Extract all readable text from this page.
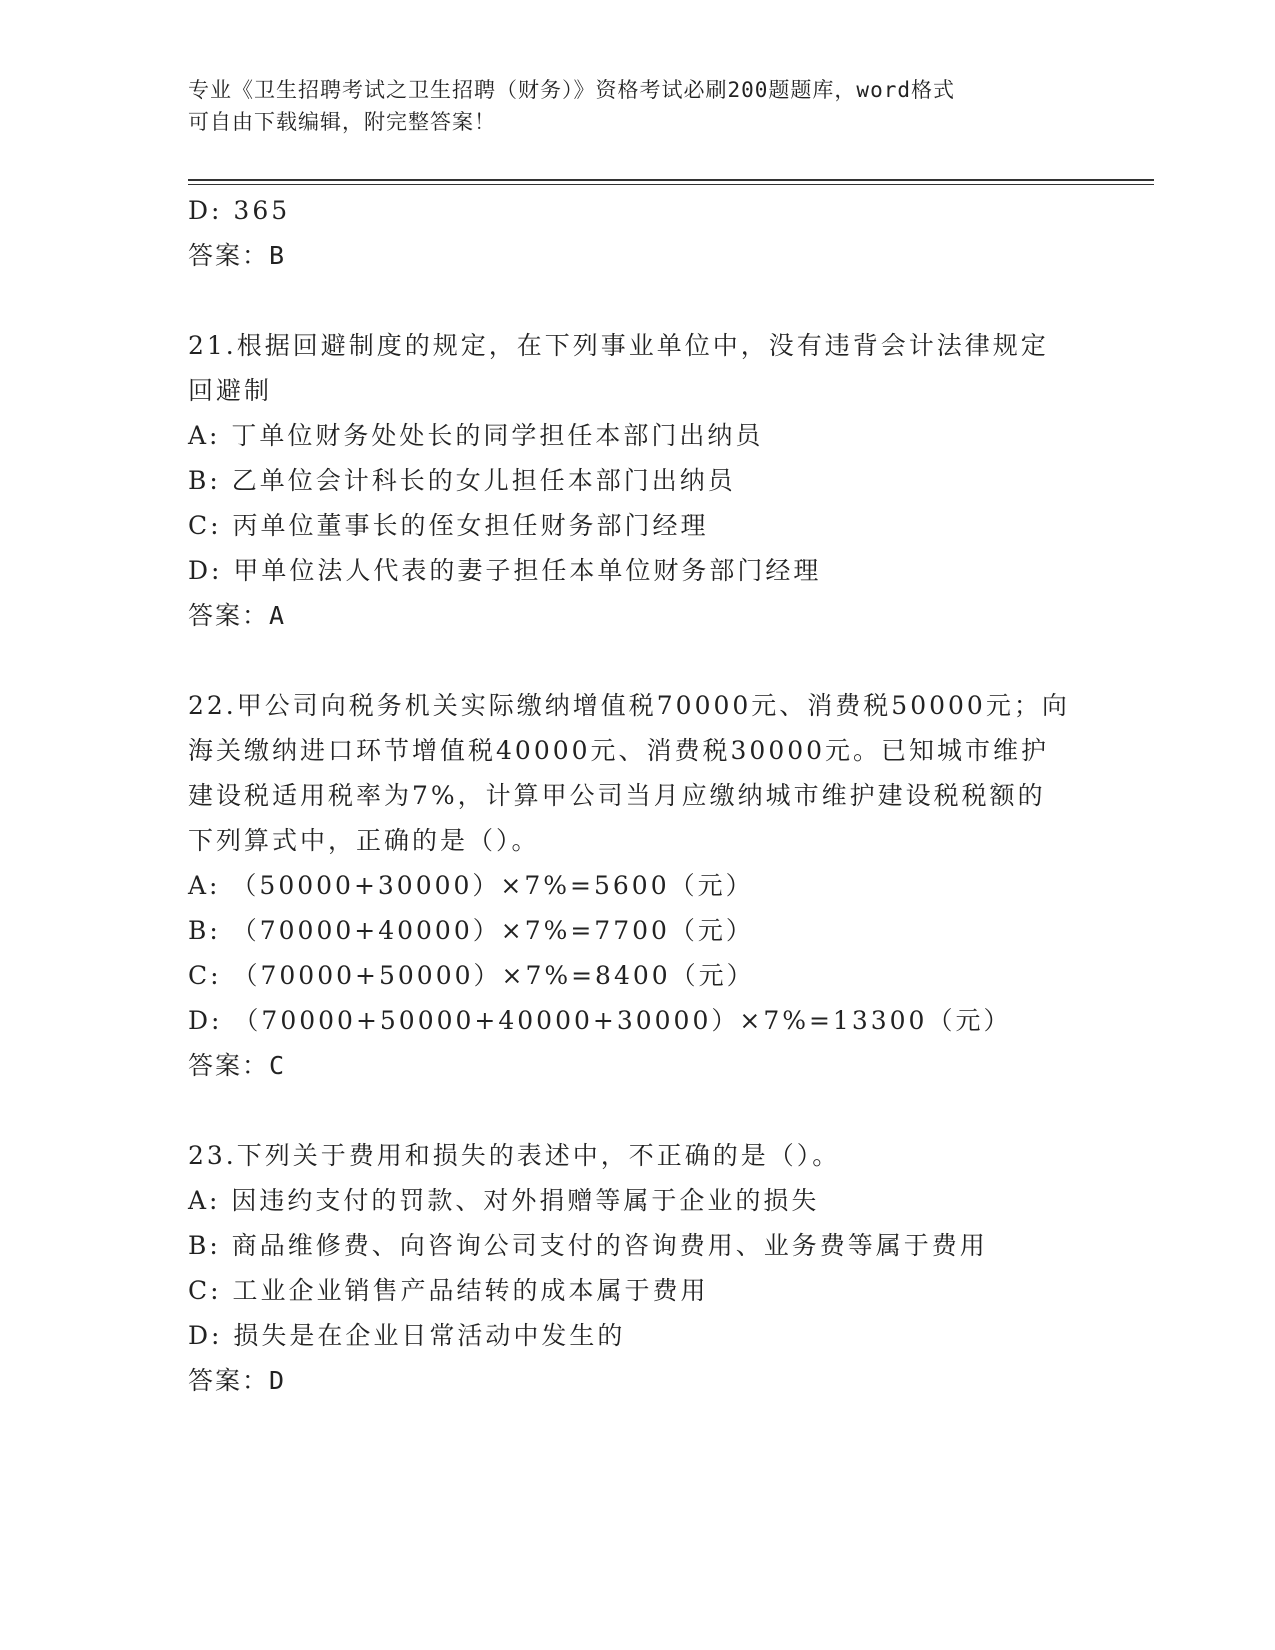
专业《卫生招聘考试之卫生招聘（财务）》资格考试必刷200题题库，word格式
可自由下载编辑，附完整答案！
D: 365
答案：B
21.根据回避制度的规定，在下列事业单位中，没有违背会计法律规定
回避制
A: 丁单位财务处处长的同学担任本部门出纳员
B: 乙单位会计科长的女儿担任本部门出纳员
C: 丙单位董事长的侄女担任财务部门经理
D: 甲单位法人代表的妻子担任本单位财务部门经理
答案：A
22.甲公司向税务机关实际缴纳增值税70000元、消费税50000元；向
海关缴纳进口环节增值税40000元、消费税30000元。已知城市维护
建设税适用税率为7%，计算甲公司当月应缴纳城市维护建设税税额的
下列算式中，正确的是（）。
A: （50000+30000）×7%=5600（元）
B: （70000+40000）×7%=7700（元）
C: （70000+50000）×7%=8400（元）
D: （70000+50000+40000+30000）×7%=13300（元）
答案：C
23.下列关于费用和损失的表述中，不正确的是（）。
A: 因违约支付的罚款、对外捐赠等属于企业的损失
B: 商品维修费、向咨询公司支付的咨询费用、业务费等属于费用
C: 工业企业销售产品结转的成本属于费用
D: 损失是在企业日常活动中发生的
答案：D
